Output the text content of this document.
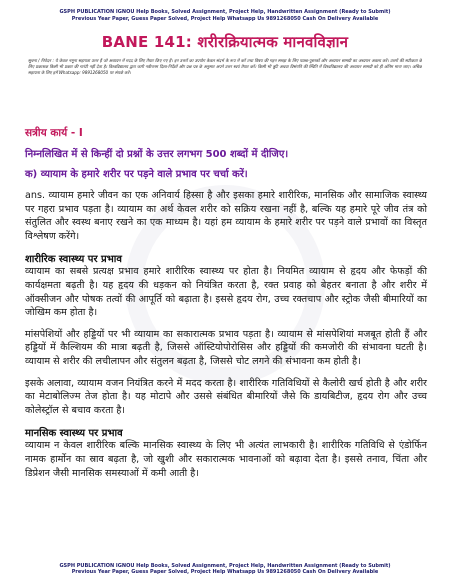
GSPH PUBLICATION IGNOU Help Books, Solved Assignment, Project Help, Handwritten Assignment (Ready to Submit)
Previous Year Paper, Guess Paper Solved, Project Help Whatsapp Us 9891268050 Cash On Delivery Available
BANE 141: शरीरक्रियात्मक मानवविज्ञान
सूचना / निवेदन : ये केवल नमूना सहायता उत्तर हैं जो अध्ययन में मदद के लिए तैयार किए गए हैं। इन उत्तरों का उपयोग केवल संदर्भ के रूप में करें तथा विषय की गहन समझ के लिए पाठ्य-पुस्तकों और अध्ययन सामग्री का अध्ययन अवश्य करें। उत्तरों की सटीकता के लिए प्रकाशक किसी भी प्रकार की गारंटी नहीं देता है। विश्वविद्यालय द्वारा जारी नवीनतम दिशा-निर्देशों और प्रश्न पत्र के अनुसार अपने उत्तर स्वयं तैयार करें। किसी भी त्रुटि अथवा विसंगति की स्थिति में विश्वविद्यालय की अध्ययन सामग्री को ही अंतिम माना जाए। अधिक सहायता के लिए हमें Whatsapp: 9891268050 पर संपर्क करें।
सत्रीय कार्य - I
निम्नलिखित में से किन्हीं दो प्रश्नों के उत्तर लगभग 500 शब्दों में दीजिए।
क) व्यायाम के हमारे शरीर पर पड़ने वाले प्रभाव पर चर्चा करें।

ans. व्यायाम हमारे जीवन का एक अनिवार्य हिस्सा है और इसका हमारे शारीरिक, मानसिक और सामाजिक स्वास्थ्य पर गहरा प्रभाव पड़ता है। व्यायाम का अर्थ केवल शरीर को सक्रिय रखना नहीं है, बल्कि यह हमारे पूरे जीव तंत्र को संतुलित और स्वस्थ बनाए रखने का एक माध्यम है। यहां हम व्यायाम के हमारे शरीर पर पड़ने वाले प्रभावों का विस्तृत विश्लेषण करेंगे।

शारीरिक स्वास्थ्य पर प्रभाव

व्यायाम का सबसे प्रत्यक्ष प्रभाव हमारे शारीरिक स्वास्थ्य पर होता है। नियमित व्यायाम से हृदय और फेफड़ों की कार्यक्षमता बढ़ती है। यह हृदय की धड़कन को नियंत्रित करता है, रक्त प्रवाह को बेहतर बनाता है और शरीर में ऑक्सीजन और पोषक तत्वों की आपूर्ति को बढ़ाता है। इससे हृदय रोग, उच्च रक्तचाप और स्ट्रोक जैसी बीमारियों का जोखिम कम होता है।

मांसपेशियों और हड्डियों पर भी व्यायाम का सकारात्मक प्रभाव पड़ता है। व्यायाम से मांसपेशियां मजबूत होती हैं और हड्डियों में कैल्शियम की मात्रा बढ़ती है, जिससे ऑस्टियोपोरोसिस और हड्डियों की कमजोरी की संभावना घटती है। व्यायाम से शरीर की लचीलापन और संतुलन बढ़ता है, जिससे चोट लगने की संभावना कम होती है।

इसके अलावा, व्यायाम वजन नियंत्रित करने में मदद करता है। शारीरिक गतिविधियों से कैलोरी खर्च होती है और शरीर का मेटाबोलिज्म तेज होता है। यह मोटापे और उससे संबंधित बीमारियों जैसे कि डायबिटीज, हृदय रोग और उच्च कोलेस्ट्रॉल से बचाव करता है।

मानसिक स्वास्थ्य पर प्रभाव

व्यायाम न केवल शारीरिक बल्कि मानसिक स्वास्थ्य के लिए भी अत्यंत लाभकारी है। शारीरिक गतिविधि से एंडोर्फिन नामक हार्मोन का स्राव बढ़ता है, जो खुशी और सकारात्मक भावनाओं को बढ़ावा देता है। इससे तनाव, चिंता और डिप्रेशन जैसी मानसिक समस्याओं में कमी आती है।

GSPH PUBLICATION IGNOU Help Books, Solved Assignment, Project Help, Handwritten Assignment (Ready to Submit)
Previous Year Paper, Guess Paper Solved, Project Help Whatsapp Us 9891268050 Cash On Delivery Available
